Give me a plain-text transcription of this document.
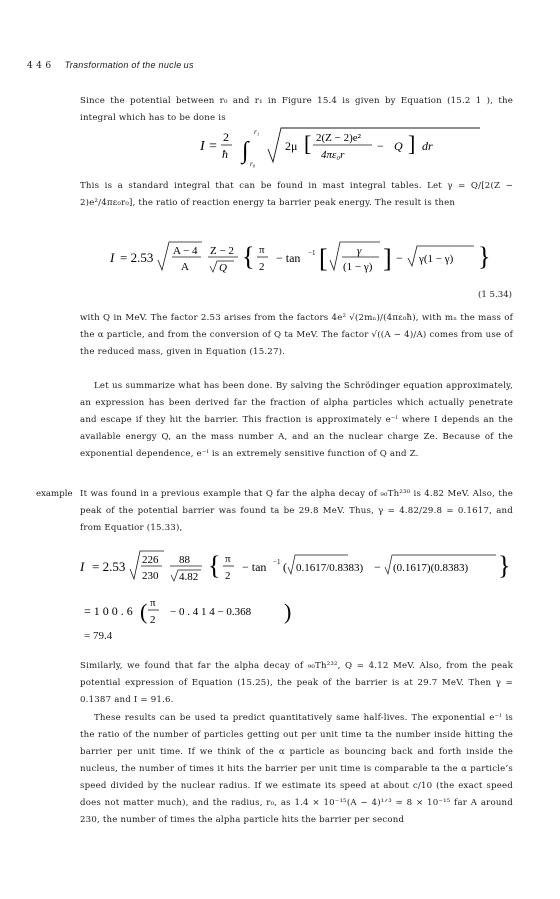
4 4 6 Transformation of the nucle us
Since the potential between r₀ and r₁ in Figure 15.4 is given by Equation (15.2 1 ), the integral which has to be done is
I =
2
ħ ∫
r₁
r₀
2μ [ 2(Z − 2)e²
4πε₀r
− Q ] dr
This is a standard integral that can be found in mast integral tables. Let γ = Q/[2(Z − 2)e²/4πε₀r₀], the ratio of reaction energy ta barrier peak energy. The result is then
I = 2.53 A − 4
A
Z − 2
Q { π
2
− tan −1 [	γ
(1 − γ) ] − γ(1 − γ) }
(1 5.34)
with Q in MeV. The factor 2.53 arises from the factors 4e² √(2mₙ)/(4πε₀ħ), with mₙ the mass of the α particle, and from the conversion of Q ta MeV. The factor √((A − 4)/A) comes from use of the reduced mass, given in Equation (15.27).
Let us summarize what has been done. By salving the Schrödinger equation approximately, an expression has been derived far the fraction of alpha particles which actually penetrate and escape if they hit the barrier. This fraction is approximately e⁻ᴵ where I depends an the available energy Q, an the mass number A, and an the nuclear charge Ze. Because of the exponential dependence, e⁻ᴵ is an extremely sensitive function of Q and Z.
example It was found in a previous example that Q far the alpha decay of ₉₀Th²³⁰ is 4.82 MeV. Also, the peak of the potential barrier was found ta be 29.8 MeV. Thus, γ = 4.82/29.8 = 0.1617, and from Equatior (15.33),
I = 2.53 226
230
88
4.82 { π
2
− tan −1 ( 0.1617/0.8383) − (0.1617)(0.8383) }
= 1 0 0 . 6 ( π
2
− 0 . 4 1 4 − 0.368 )
= 79.4
Similarly, we found that far the alpha decay of ₉₀Th²³², Q = 4.12 MeV. Also, from the peak potential expression of Equation (15.25), the peak of the barrier is at 29.7 MeV. Then γ = 0.1387 and I = 91.6.
These results can be used ta predict quantitatively same half-lives. The exponential e⁻ᴵ is the ratio of the number of particles getting out per unit time ta the number inside hitting the barrier per unit time. If we think of the α particle as bouncing back and forth inside the nucleus, the number of times it hits the barrier per unit time is comparable ta the α particle’s speed divided by the nuclear radius. If we estimate its speed at about c/10 (the exact speed does not matter much), and the radius, r₀, as 1.4 × 10⁻¹⁵(A − 4)¹ᐟ³ ≃ 8 × 10⁻¹⁵ far A around 230, the number of times the alpha particle hits the barrier per second
